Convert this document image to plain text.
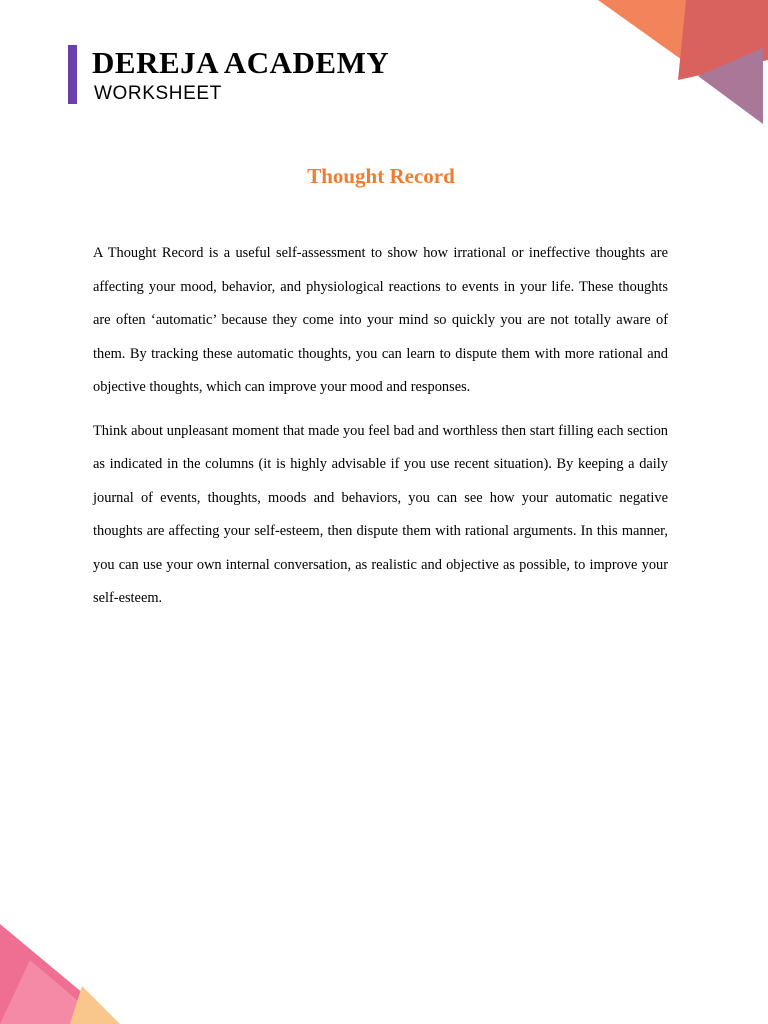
DEREJA ACADEMY
WORKSHEET
Thought Record

A Thought Record is a useful self-assessment to show how irrational or ineffective thoughts are affecting your mood, behavior, and physiological reactions to events in your life. These thoughts are often ‘automatic’ because they come into your mind so quickly you are not totally aware of them. By tracking these automatic thoughts, you can learn to dispute them with more rational and objective thoughts, which can improve your mood and responses.

Think about unpleasant moment that made you feel bad and worthless then start filling each section as indicated in the columns (it is highly advisable if you use recent situation). By keeping a daily journal of events, thoughts, moods and behaviors, you can see how your automatic negative thoughts are affecting your self-esteem, then dispute them with rational arguments. In this manner, you can use your own internal conversation, as realistic and objective as possible, to improve your self-esteem.
